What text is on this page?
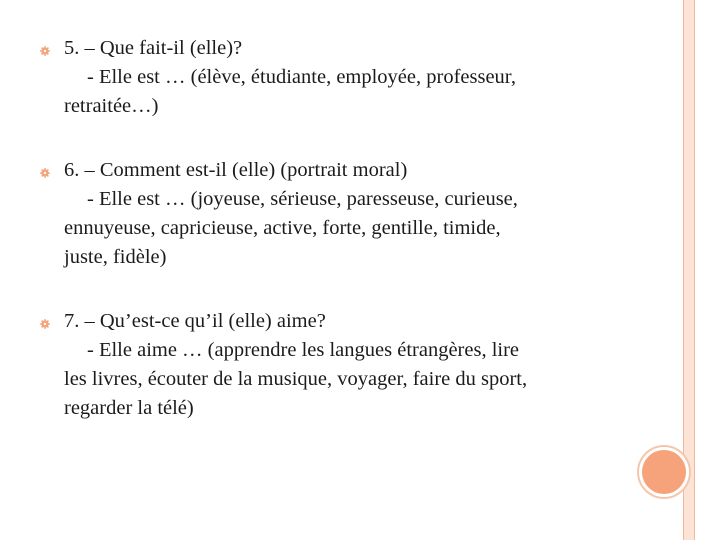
5. – Que fait-il (elle)?
- Elle est … (élève, étudiante, employée, professeur,
retraitée…)
6. – Comment est-il (elle) (portrait moral)
- Elle est … (joyeuse, sérieuse, paresseuse, curieuse,
ennuyeuse, capricieuse, active, forte, gentille, timide,
juste, fidèle)
7. – Qu’est-ce qu’il (elle) aime?
- Elle aime … (apprendre les langues étrangères, lire
les livres, écouter de la musique, voyager, faire du sport,
regarder la télé)
